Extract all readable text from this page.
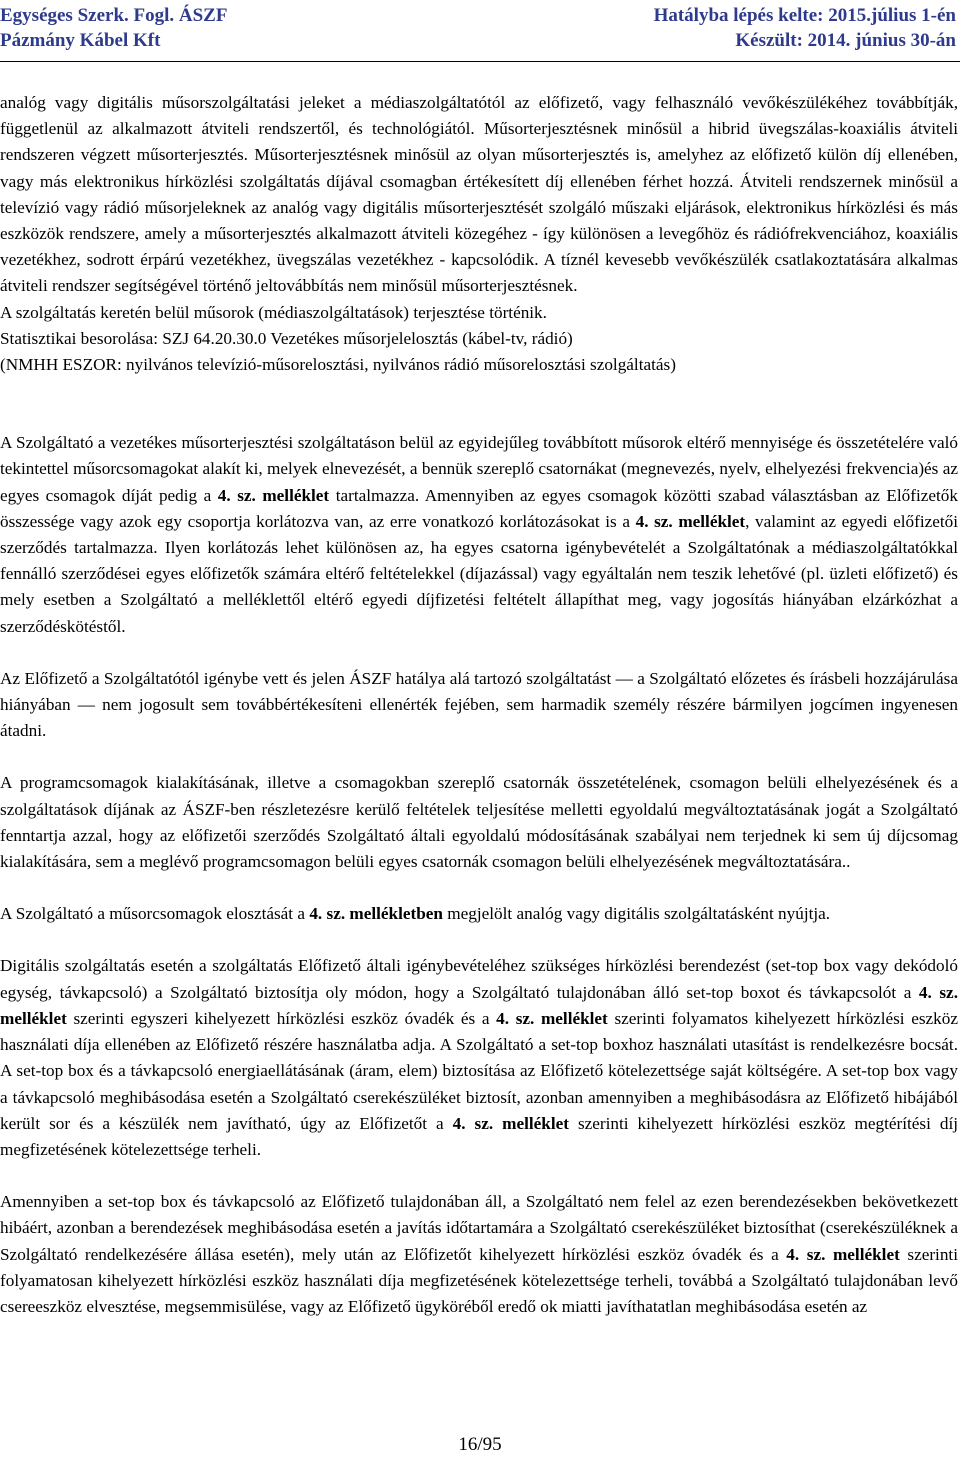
Egységes Szerk. Fogl. ÁSZF	Hatályba lépés kelte: 2015.július 1-én
Pázmány Kábel Kft	Készült: 2014. június 30-án

analóg vagy digitális műsorszolgáltatási jeleket a médiaszolgáltatótól az előfizető, vagy felhasználó vevőkészülékéhez továbbítják, függetlenül az alkalmazott átviteli rendszertől, és technológiától. Műsorterjesztésnek minősül a hibrid üvegszálas-koaxiális átviteli rendszeren végzett műsorterjesztés. Műsorterjesztésnek minősül az olyan műsorterjesztés is, amelyhez az előfizető külön díj ellenében, vagy más elektronikus hírközlési szolgáltatás díjával csomagban értékesített díj ellenében férhet hozzá. Átviteli rendszernek minősül a televízió vagy rádió műsorjeleknek az analóg vagy digitális műsorterjesztését szolgáló műszaki eljárások, elektronikus hírközlési és más eszközök rendszere, amely a műsorterjesztés alkalmazott átviteli közegéhez - így különösen a levegőhöz és rádiófrekvenciához, koaxiális vezetékhez, sodrott érpárú vezetékhez, üvegszálas vezetékhez - kapcsolódik. A tíznél kevesebb vevőkészülék csatlakoztatására alkalmas átviteli rendszer segítségével történő jeltovábbítás nem minősül műsorterjesztésnek.

A szolgáltatás keretén belül műsorok (médiaszolgáltatások) terjesztése történik.

Statisztikai besorolása: SZJ 64.20.30.0 Vezetékes műsorjelelosztás (kábel-tv, rádió)

(NMHH ESZOR: nyilvános televízió-műsorelosztási, nyilvános rádió műsorelosztási szolgáltatás)

A Szolgáltató a vezetékes műsorterjesztési szolgáltatáson belül az egyidejűleg továbbított műsorok eltérő mennyisége és összetételére való tekintettel műsorcsomagokat alakít ki, melyek elnevezését, a bennük szereplő csatornákat (megnevezés, nyelv, elhelyezési frekvencia)és az egyes csomagok díját pedig a 4. sz. melléklet tartalmazza. Amennyiben az egyes csomagok közötti szabad választásban az Előfizetők összessége vagy azok egy csoportja korlátozva van, az erre vonatkozó korlátozásokat is a 4. sz. melléklet, valamint az egyedi előfizetői szerződés tartalmazza. Ilyen korlátozás lehet különösen az, ha egyes csatorna igénybevételét a Szolgáltatónak a médiaszolgáltatókkal fennálló szerződései egyes előfizetők számára eltérő feltételekkel (díjazással) vagy egyáltalán nem teszik lehetővé (pl. üzleti előfizető) és mely esetben a Szolgáltató a melléklettől eltérő egyedi díjfizetési feltételt állapíthat meg, vagy jogosítás hiányában elzárkózhat a szerződéskötéstől.

Az Előfizető a Szolgáltatótól igénybe vett és jelen ÁSZF hatálya alá tartozó szolgáltatást — a Szolgáltató előzetes és írásbeli hozzájárulása hiányában — nem jogosult sem továbbértékesíteni ellenérték fejében, sem harmadik személy részére bármilyen jogcímen ingyenesen átadni.

A programcsomagok kialakításának, illetve a csomagokban szereplő csatornák összetételének, csomagon belüli elhelyezésének és a szolgáltatások díjának az ÁSZF-ben részletezésre kerülő feltételek teljesítése melletti egyoldalú megváltoztatásának jogát a Szolgáltató fenntartja azzal, hogy az előfizetői szerződés Szolgáltató általi egyoldalú módosításának szabályai nem terjednek ki sem új díjcsomag kialakítására, sem a meglévő programcsomagon belüli egyes csatornák csomagon belüli elhelyezésének megváltoztatására..

A Szolgáltató a műsorcsomagok elosztását a 4. sz. mellékletben megjelölt analóg vagy digitális szolgáltatásként nyújtja.

Digitális szolgáltatás esetén a szolgáltatás Előfizető általi igénybevételéhez szükséges hírközlési berendezést (set-top box vagy dekódoló egység, távkapcsoló) a Szolgáltató biztosítja oly módon, hogy a Szolgáltató tulajdonában álló set-top boxot és távkapcsolót a 4. sz. melléklet szerinti egyszeri kihelyezett hírközlési eszköz óvadék és a 4. sz. melléklet szerinti folyamatos kihelyezett hírközlési eszköz használati díja ellenében az Előfizető részére használatba adja. A Szolgáltató a set-top boxhoz használati utasítást is rendelkezésre bocsát. A set-top box és a távkapcsoló energiaellátásának (áram, elem) biztosítása az Előfizető kötelezettsége saját költségére. A set-top box vagy a távkapcsoló meghibásodása esetén a Szolgáltató cserekészüléket biztosít, azonban amennyiben a meghibásodásra az Előfizető hibájából került sor és a készülék nem javítható, úgy az Előfizetőt a 4. sz. melléklet szerinti kihelyezett hírközlési eszköz megtérítési díj megfizetésének kötelezettsége terheli.

Amennyiben a set-top box és távkapcsoló az Előfizető tulajdonában áll, a Szolgáltató nem felel az ezen berendezésekben bekövetkezett hibáért, azonban a berendezések meghibásodása esetén a javítás időtartamára a Szolgáltató cserekészüléket biztosíthat (cserekészüléknek a Szolgáltató rendelkezésére állása esetén), mely után az Előfizetőt kihelyezett hírközlési eszköz óvadék és a 4. sz. melléklet szerinti folyamatosan kihelyezett hírközlési eszköz használati díja megfizetésének kötelezettsége terheli, továbbá a Szolgáltató tulajdonában levő csereeszköz elvesztése, megsemmisülése, vagy az Előfizető ügyköréből eredő ok miatti javíthatatlan meghibásodása esetén az

16/95
